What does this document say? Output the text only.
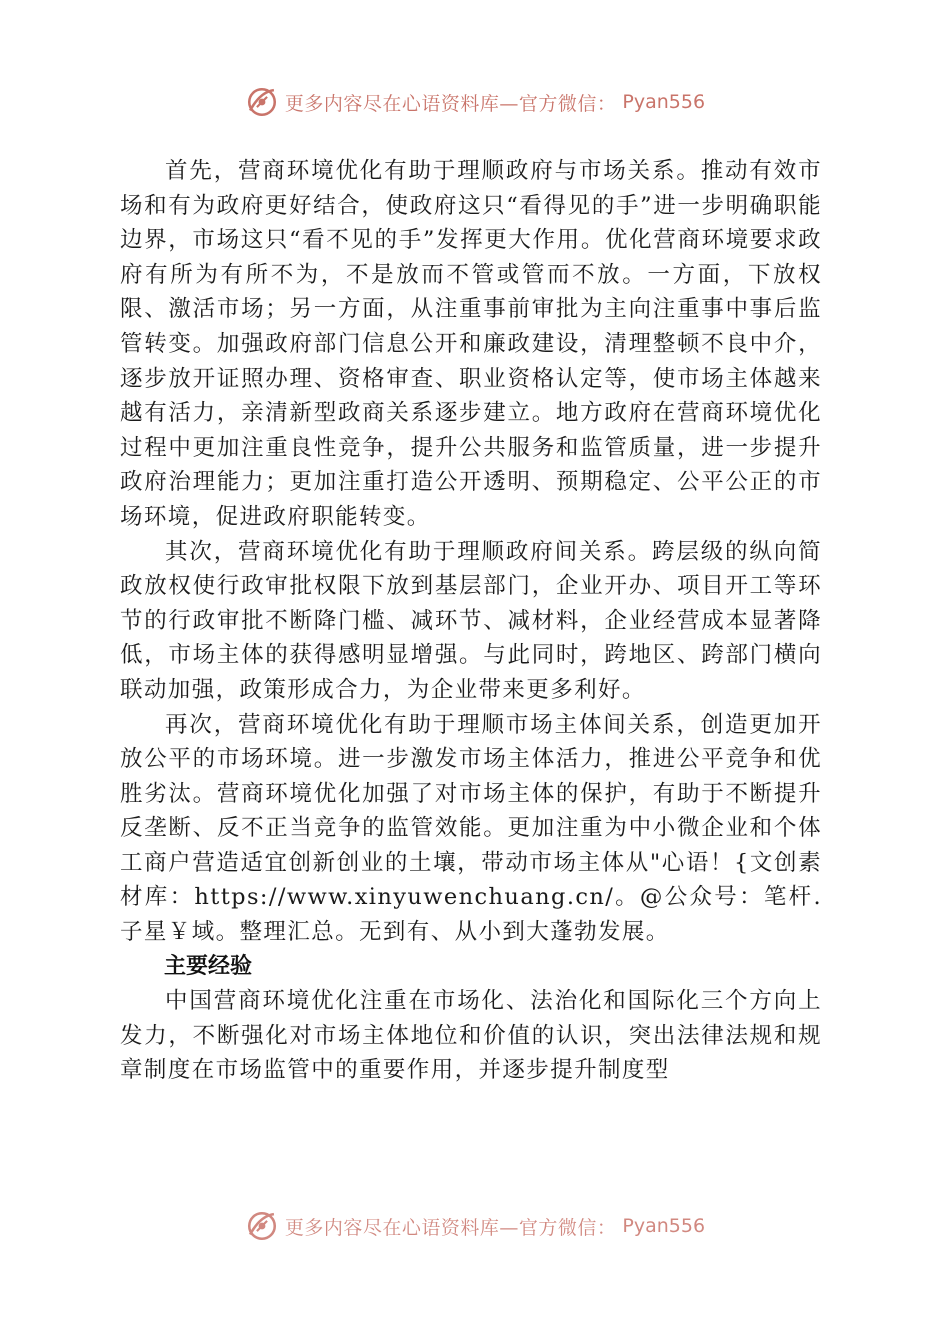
更多内容尽在心语资料库—官方微信： Pyan556

首先，营商环境优化有助于理顺政府与市场关系。推动有效市场和有为政府更好结合，使政府这只“看得见的手”进一步明确职能边界，市场这只“看不见的手”发挥更大作用。优化营商环境要求政府有所为有所不为，不是放而不管或管而不放。一方面，下放权限、激活市场；另一方面，从注重事前审批为主向注重事中事后监管转变。加强政府部门信息公开和廉政建设，清理整顿不良中介，逐步放开证照办理、资格审查、职业资格认定等，使市场主体越来越有活力，亲清新型政商关系逐步建立。地方政府在营商环境优化过程中更加注重良性竞争，提升公共服务和监管质量，进一步提升政府治理能力；更加注重打造公开透明、预期稳定、公平公正的市场环境，促进政府职能转变。

其次，营商环境优化有助于理顺政府间关系。跨层级的纵向简政放权使行政审批权限下放到基层部门，企业开办、项目开工等环节的行政审批不断降门槛、减环节、减材料，企业经营成本显著降低，市场主体的获得感明显增强。与此同时，跨地区、跨部门横向联动加强，政策形成合力，为企业带来更多利好。

再次，营商环境优化有助于理顺市场主体间关系，创造更加开放公平的市场环境。进一步激发市场主体活力，推进公平竞争和优胜劣汰。营商环境优化加强了对市场主体的保护，有助于不断提升反垄断、反不正当竞争的监管效能。更加注重为中小微企业和个体工商户营造适宜创新创业的土壤，带动市场主体从"心语！{文创素材库：https://www.xinyuwenchuang.cn/。@公众号：笔杆.子星￥域。整理汇总。无到有、从小到大蓬勃发展。

主要经验

中国营商环境优化注重在市场化、法治化和国际化三个方向上发力，不断强化对市场主体地位和价值的认识，突出法律法规和规章制度在市场监管中的重要作用，并逐步提升制度型

更多内容尽在心语资料库—官方微信： Pyan556
